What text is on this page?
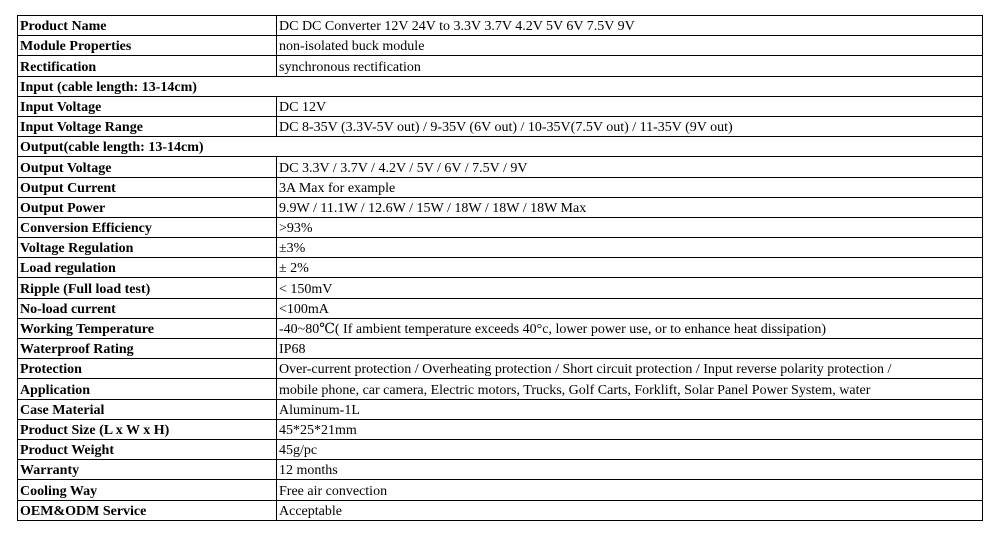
Product Name	DC DC Converter 12V 24V to 3.3V 3.7V 4.2V 5V 6V 7.5V 9V
Module Properties	non-isolated buck module
Rectification	synchronous rectification
Input (cable length: 13-14cm)	
Input Voltage	DC 12V
Input Voltage Range	DC 8-35V (3.3V-5V out) / 9-35V (6V out) / 10-35V(7.5V out) / 11-35V (9V out)
Output(cable length: 13-14cm)	
Output Voltage	DC 3.3V / 3.7V / 4.2V / 5V / 6V / 7.5V / 9V
Output Current	3A Max for example
Output Power	9.9W / 11.1W / 12.6W / 15W / 18W / 18W / 18W Max
Conversion Efficiency	>93%
Voltage Regulation	±3%
Load regulation	± 2%
Ripple (Full load test)	< 150mV
No-load current	<100mA
Working Temperature	-40~80℃( If ambient temperature exceeds 40°c, lower power use, or to enhance heat dissipation)
Waterproof Rating	IP68
Protection	Over-current protection / Overheating protection / Short circuit protection / Input reverse polarity protection /
Application	mobile phone, car camera, Electric motors, Trucks, Golf Carts, Forklift, Solar Panel Power System, water
Case Material	Aluminum-1L
Product Size (L x W x H)	45*25*21mm
Product Weight	45g/pc
Warranty	12 months
Cooling Way	Free air convection
OEM&ODM Service	Acceptable
